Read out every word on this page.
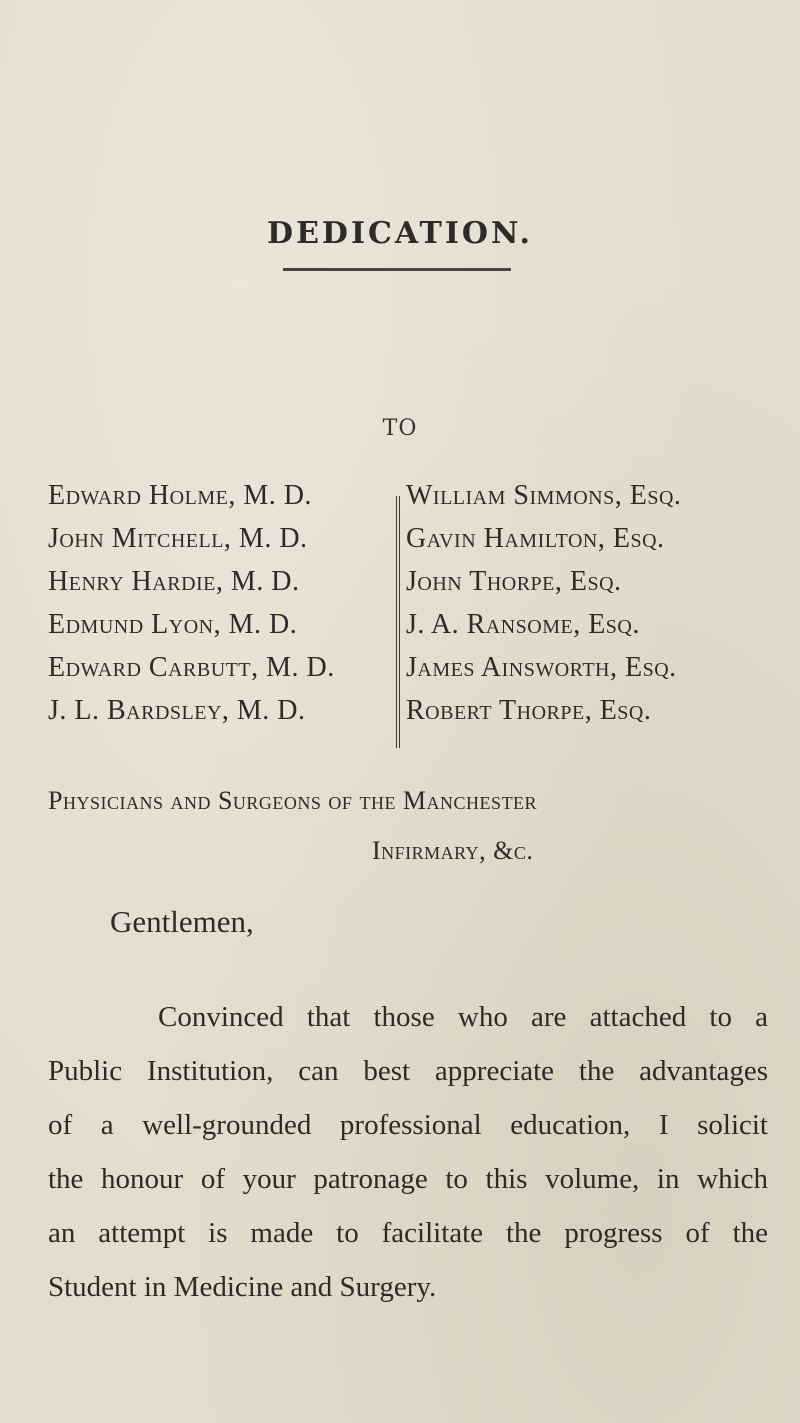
DEDICATION.
TO
Edward Holme, M. D.
John Mitchell, M. D.
Henry Hardie, M. D.
Edmund Lyon, M. D.
Edward Carbutt, M. D.
J. L. Bardsley, M. D.
William Simmons, Esq.
Gavin Hamilton, Esq.
John Thorpe, Esq.
J. A. Ransome, Esq.
James Ainsworth, Esq.
Robert Thorpe, Esq.
Physicians and Surgeons of the Manchester
Infirmary, &c.
Gentlemen,
Convinced that those who are attached to a
Public Institution, can best appreciate the advantages
of a well-grounded professional education, I solicit
the honour of your patronage to this volume, in which
an attempt is made to facilitate the progress of the
Student in Medicine and Surgery.
